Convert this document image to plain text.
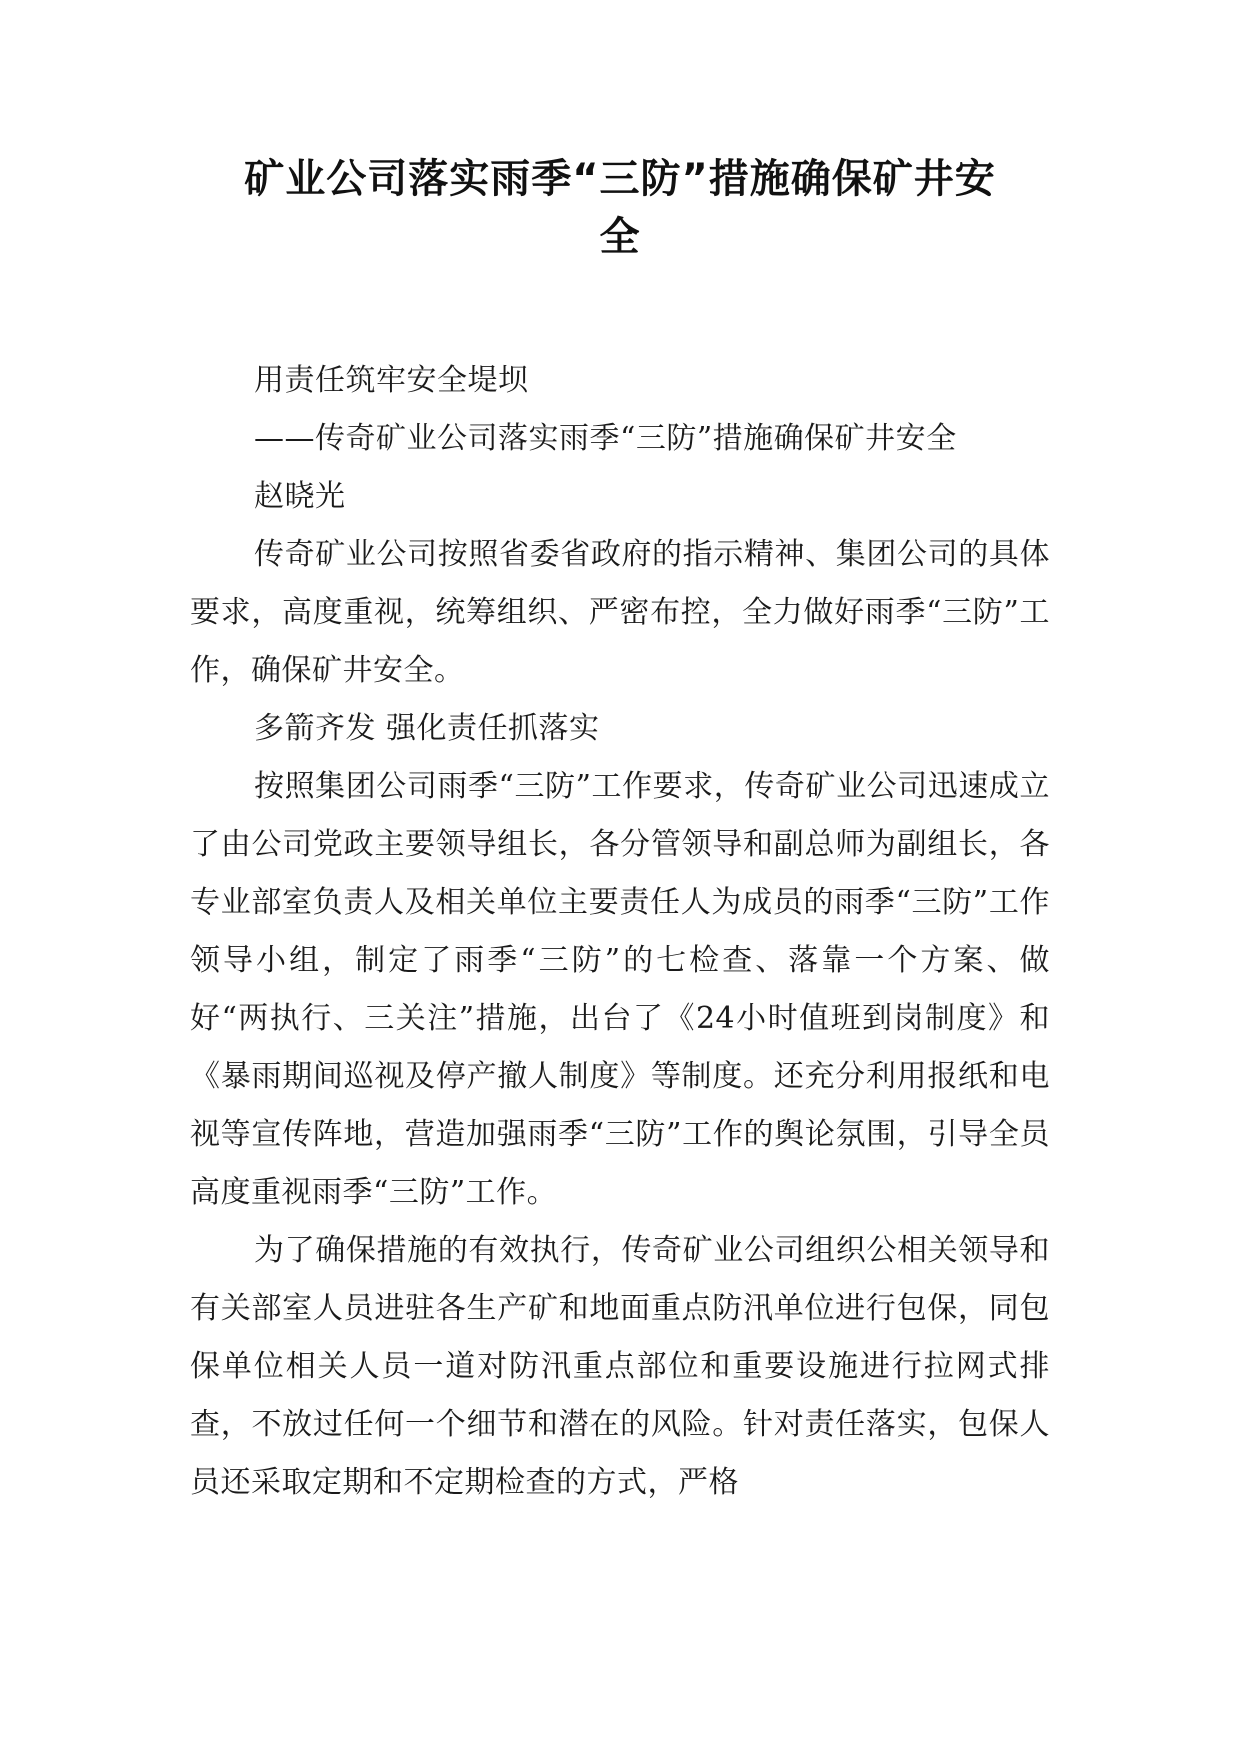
矿业公司落实雨季“三防”措施确保矿井安
全

用责任筑牢安全堤坝

——传奇矿业公司落实雨季“三防”措施确保矿井安全

赵晓光

传奇矿业公司按照省委省政府的指示精神、集团公司的具体要求，高度重视，统筹组织、严密布控，全力做好雨季“三防”工作，确保矿井安全。

多箭齐发 强化责任抓落实

按照集团公司雨季“三防”工作要求，传奇矿业公司迅速成立了由公司党政主要领导组长，各分管领导和副总师为副组长，各专业部室负责人及相关单位主要责任人为成员的雨季“三防”工作领导小组，制定了雨季“三防”的七检查、落靠一个方案、做好“两执行、三关注”措施，出台了《24小时值班到岗制度》和《暴雨期间巡视及停产撤人制度》等制度。还充分利用报纸和电视等宣传阵地，营造加强雨季“三防”工作的舆论氛围，引导全员高度重视雨季“三防”工作。

为了确保措施的有效执行，传奇矿业公司组织公相关领导和有关部室人员进驻各生产矿和地面重点防汛单位进行包保，同包保单位相关人员一道对防汛重点部位和重要设施进行拉网式排查，不放过任何一个细节和潜在的风险。针对责任落实，包保人员还采取定期和不定期检查的方式，严格
